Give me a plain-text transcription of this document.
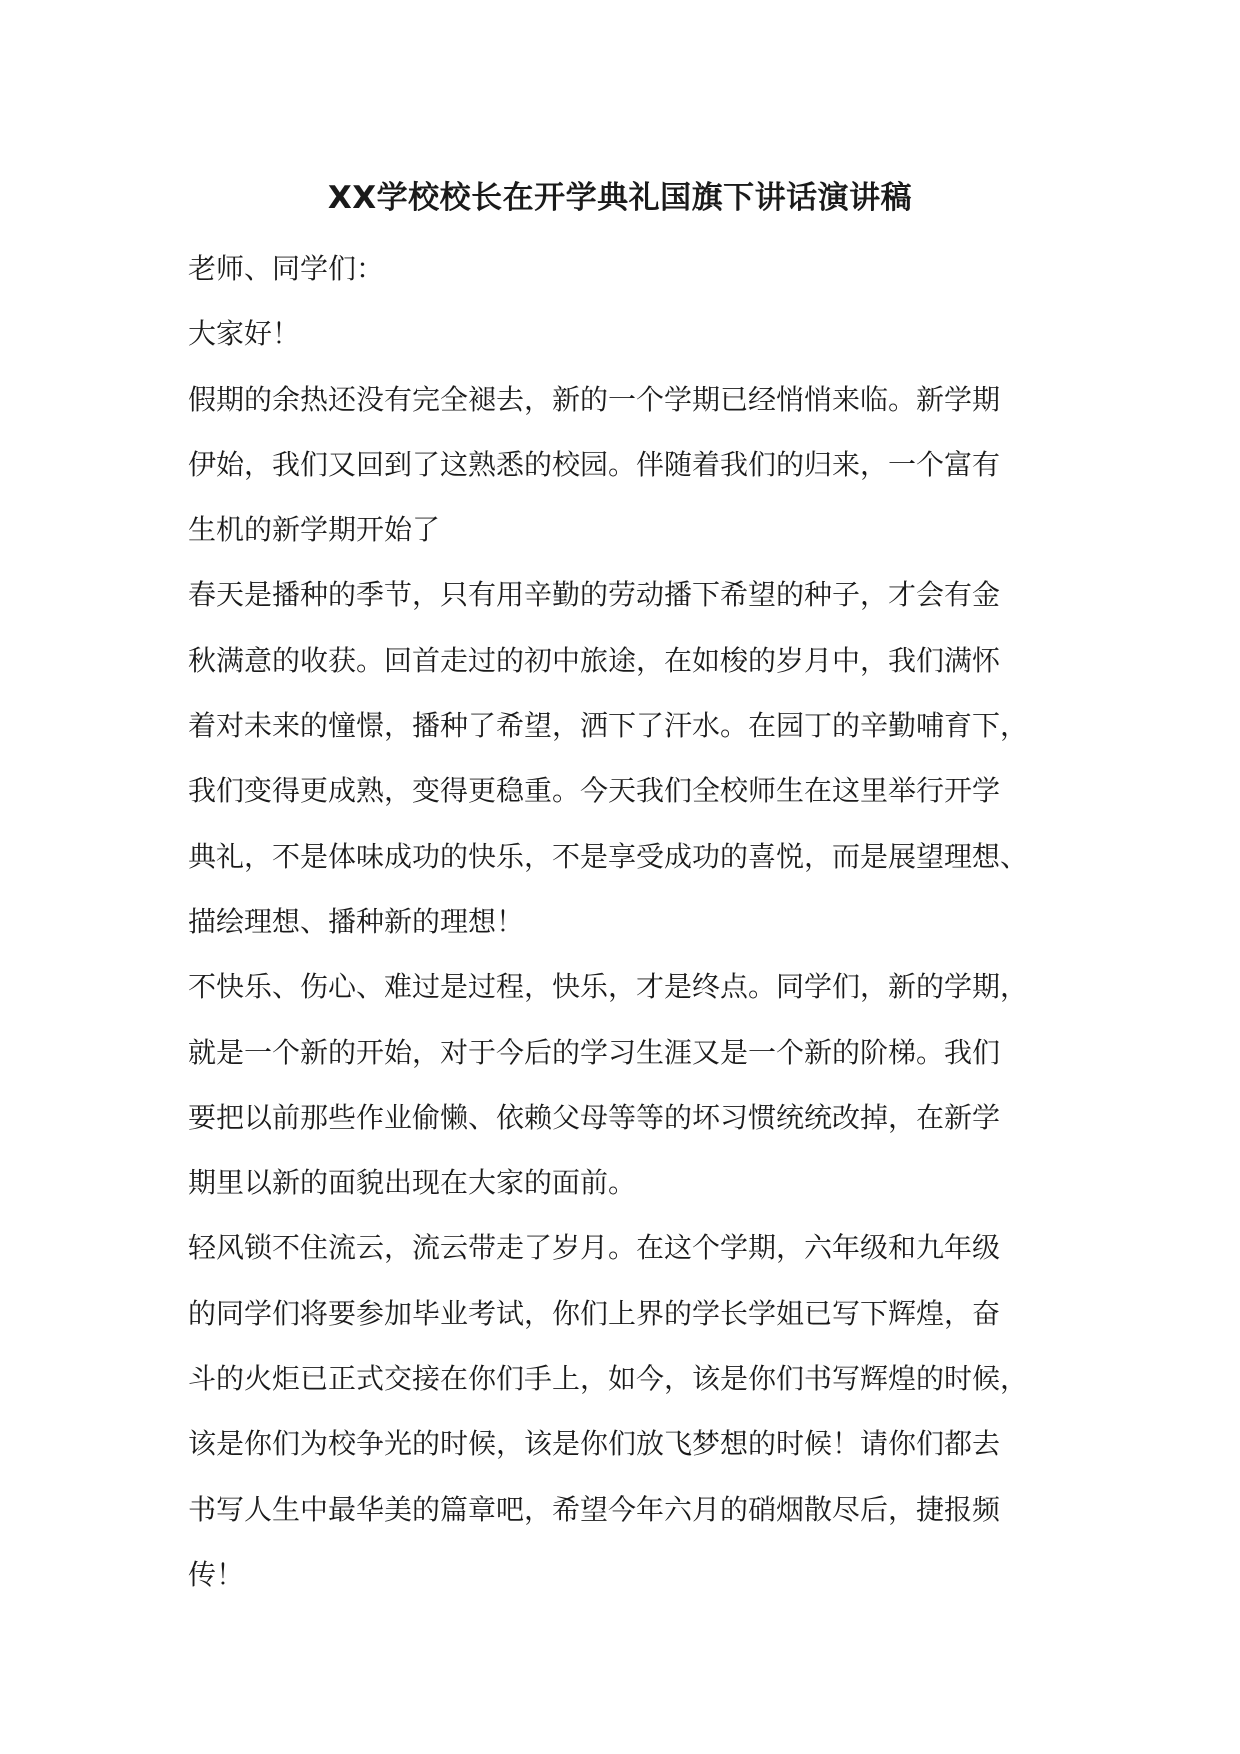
XX学校校长在开学典礼国旗下讲话演讲稿

老师、同学们：

大家好！

假期的余热还没有完全褪去，新的一个学期已经悄悄来临。新学期

伊始，我们又回到了这熟悉的校园。伴随着我们的归来，一个富有

生机的新学期开始了

春天是播种的季节，只有用辛勤的劳动播下希望的种子，才会有金

秋满意的收获。回首走过的初中旅途，在如梭的岁月中，我们满怀

着对未来的憧憬，播种了希望，洒下了汗水。在园丁的辛勤哺育下，

我们变得更成熟，变得更稳重。今天我们全校师生在这里举行开学

典礼，不是体味成功的快乐，不是享受成功的喜悦，而是展望理想、

描绘理想、播种新的理想！

不快乐、伤心、难过是过程，快乐，才是终点。同学们，新的学期，

就是一个新的开始，对于今后的学习生涯又是一个新的阶梯。我们

要把以前那些作业偷懒、依赖父母等等的坏习惯统统改掉，在新学

期里以新的面貌出现在大家的面前。

轻风锁不住流云，流云带走了岁月。在这个学期，六年级和九年级

的同学们将要参加毕业考试，你们上界的学长学姐已写下辉煌，奋

斗的火炬已正式交接在你们手上，如今，该是你们书写辉煌的时候，

该是你们为校争光的时候，该是你们放飞梦想的时候！请你们都去

书写人生中最华美的篇章吧，希望今年六月的硝烟散尽后，捷报频

传！
